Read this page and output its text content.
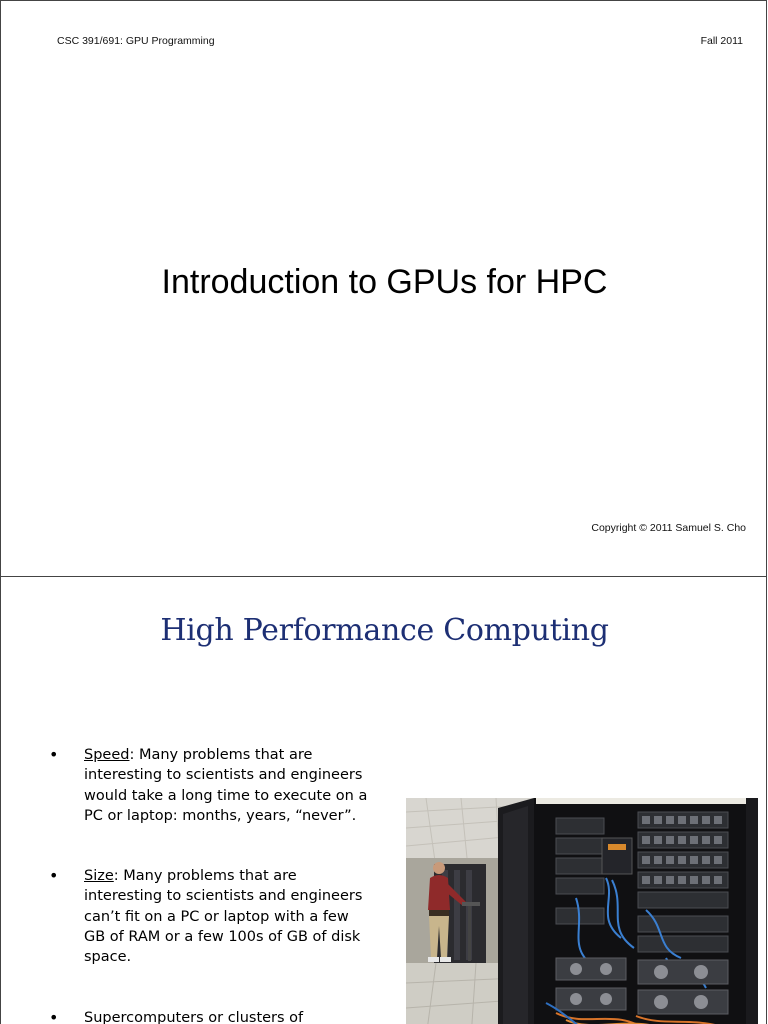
CSC 391/691: GPU Programming	Fall 2011
Introduction to GPUs for HPC
Copyright © 2011 Samuel S. Cho
High Performance Computing
• Speed: Many problems that are interesting to scientists and engineers would take a long time to execute on a PC or laptop: months, years, “never”.
• Size: Many problems that are interesting to scientists and engineers can’t fit on a PC or laptop with a few GB of RAM or a few 100s of GB of disk space.
• Supercomputers or clusters of
